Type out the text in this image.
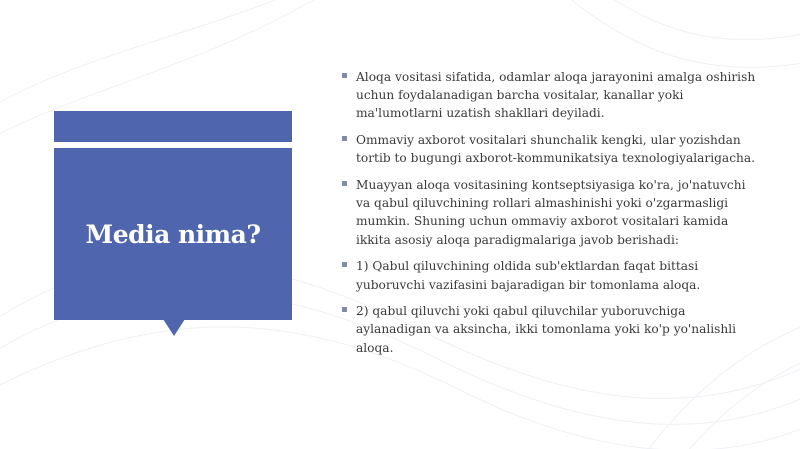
Media nima?
Aloqa vositasi sifatida, odamlar aloqa jarayonini amalga oshirish uchun foydalanadigan barcha vositalar, kanallar yoki ma'lumotlarni uzatish shakllari deyiladi.
Ommaviy axborot vositalari shunchalik kengki, ular yozishdan tortib to bugungi axborot-kommunikatsiya texnologiyalarigacha.
Muayyan aloqa vositasining kontseptsiyasiga ko'ra, jo'natuvchi va qabul qiluvchining rollari almashinishi yoki o'zgarmasligi mumkin. Shuning uchun ommaviy axborot vositalari kamida ikkita asosiy aloqa paradigmalariga javob berishadi:
1) Qabul qiluvchining oldida sub'ektlardan faqat bittasi yuboruvchi vazifasini bajaradigan bir tomonlama aloqa.
2) qabul qiluvchi yoki qabul qiluvchilar yuboruvchiga aylanadigan va aksincha, ikki tomonlama yoki ko'p yo'nalishli aloqa.
